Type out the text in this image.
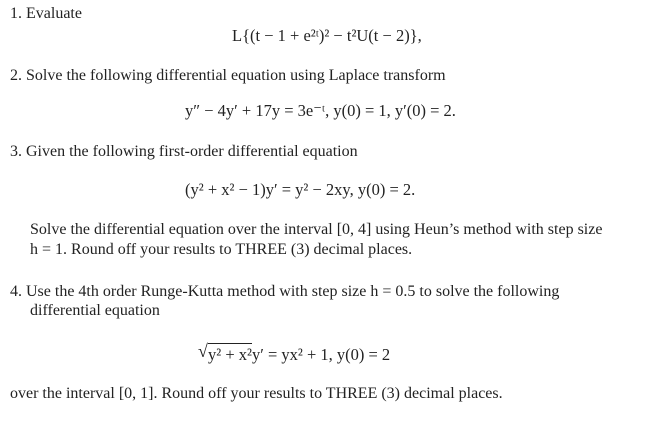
1. Evaluate
L{(t − 1 + e²ᵗ)² − t²U(t − 2)},
2. Solve the following differential equation using Laplace transform
y″ − 4y′ + 17y = 3e⁻ᵗ, y(0) = 1, y′(0) = 2.
3. Given the following first-order differential equation
(y² + x² − 1)y′ = y² − 2xy, y(0) = 2.
Solve the differential equation over the interval [0, 4] using Heun’s method with step size
h = 1. Round off your results to THREE (3) decimal places.
4. Use the 4th order Runge-Kutta method with step size h = 0.5 to solve the following
differential equation
√ y² + x²y′ = yx² + 1, y(0) = 2
over the interval [0, 1]. Round off your results to THREE (3) decimal places.
